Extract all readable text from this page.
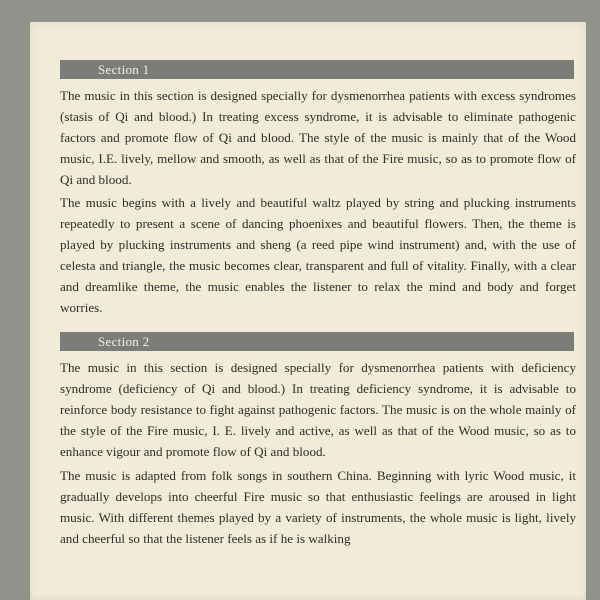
Section 1
The music in this section is designed specially for dysmenorrhea patients with excess syndromes (stasis of Qi and blood.) In treating excess syndrome, it is advisable to eliminate pathogenic factors and promote flow of Qi and blood. The style of the music is mainly that of the Wood music, I.E. lively, mellow and smooth, as well as that of the Fire music, so as to promote flow of Qi and blood.
The music begins with a lively and beautiful waltz played by string and plucking instruments repeatedly to present a scene of dancing phoenixes and beautiful flowers. Then, the theme is played by plucking instruments and sheng (a reed pipe wind instrument) and, with the use of celesta and triangle, the music becomes clear, transparent and full of vitality. Finally, with a clear and dreamlike theme, the music enables the listener to relax the mind and body and forget worries.
Section 2
The music in this section is designed specially for dysmenorrhea patients with deficiency syndrome (deficiency of Qi and blood.) In treating deficiency syndrome, it is advisable to reinforce body resistance to fight against pathogenic factors. The music is on the whole mainly of the style of the Fire music, I. E. lively and active, as well as that of the Wood music, so as to enhance vigour and promote flow of Qi and blood.
The music is adapted from folk songs in southern China. Beginning with lyric Wood music, it gradually develops into cheerful Fire music so that enthusiastic feelings are aroused in light music. With different themes played by a variety of instruments, the whole music is light, lively and cheerful so that the listener feels as if he is walking
